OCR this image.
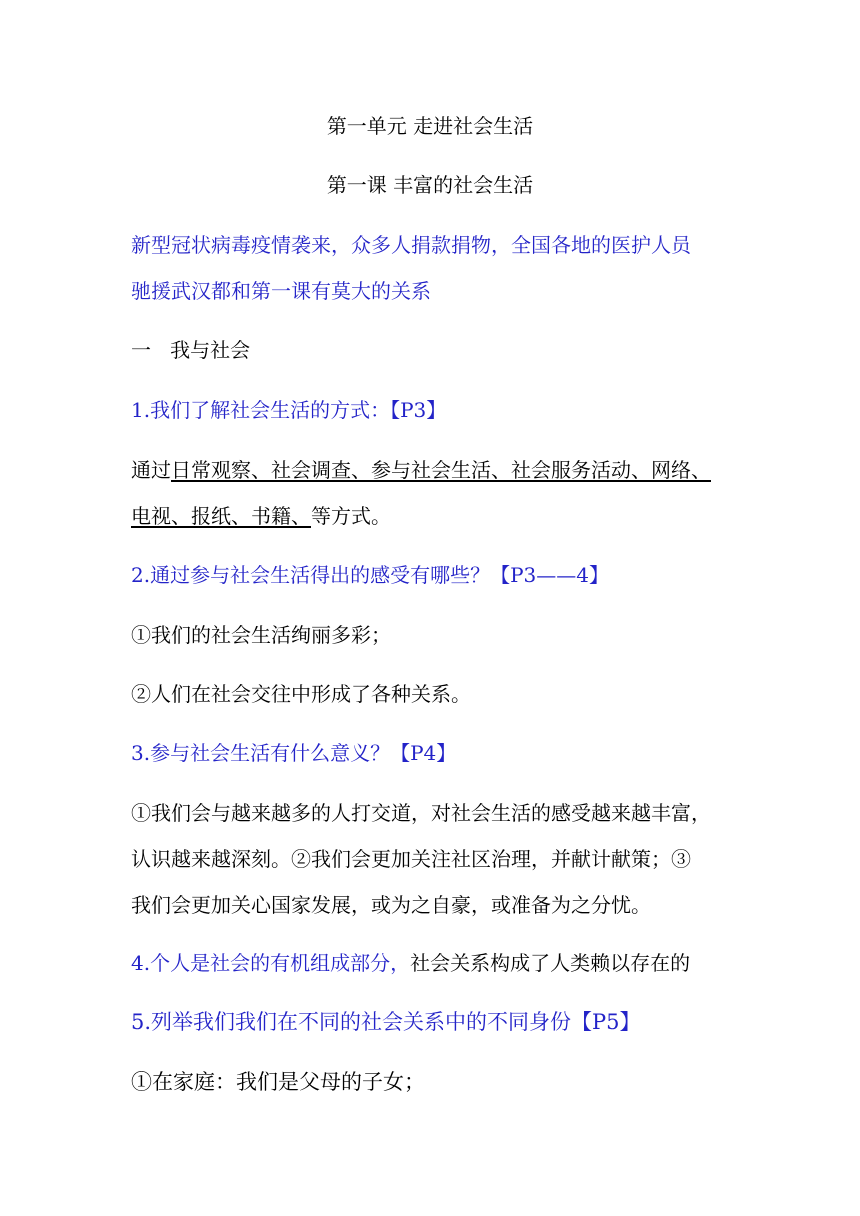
第一单元 走进社会生活
第一课 丰富的社会生活
新型冠状病毒疫情袭来，众多人捐款捐物，全国各地的医护人员
驰援武汉都和第一课有莫大的关系
一   我与社会
1.我们了解社会生活的方式：【P3】
通过日常观察、社会调查、参与社会生活、社会服务活动、网络、
电视、报纸、书籍、等方式。
2.通过参与社会生活得出的感受有哪些？【P3——4】
①我们的社会生活绚丽多彩；
②人们在社会交往中形成了各种关系。
3.参与社会生活有什么意义？【P4】
①我们会与越来越多的人打交道，对社会生活的感受越来越丰富，
认识越来越深刻。②我们会更加关注社区治理，并献计献策；③
我们会更加关心国家发展，或为之自豪，或准备为之分忧。
4.个人是社会的有机组成部分，社会关系构成了人类赖以存在的
5.列举我们我们在不同的社会关系中的不同身份【P5】
①在家庭：我们是父母的子女；
